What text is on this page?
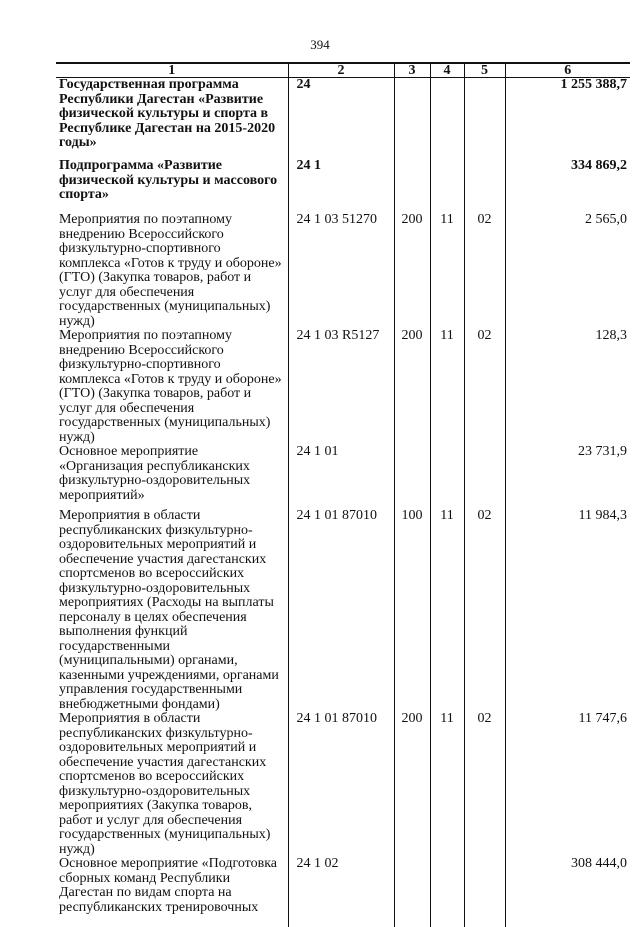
394
1	2	3	4	5	6
Государственная программа Республики Дагестан «Развитие физической культуры и спорта в Республике Дагестан на 2015-2020 годы»	24				1 255 388,7
Подпрограмма «Развитие физической культуры и массового спорта»	24 1				334 869,2
Мероприятия по поэтапному внедрению Всероссийского физкультурно-спортивного комплекса «Готов к труду и обороне» (ГТО) (Закупка товаров, работ и услуг для обеспечения государственных (муниципальных) нужд)	24 1 03 51270	200	11	02	2 565,0
Мероприятия по поэтапному внедрению Всероссийского физкультурно-спортивного комплекса «Готов к труду и обороне» (ГТО) (Закупка товаров, работ и услуг для обеспечения государственных (муниципальных) нужд)	24 1 03 R5127	200	11	02	128,3
Основное мероприятие «Организация республиканских физкультурно-оздоровительных мероприятий»	24 1 01				23 731,9
Мероприятия в области республиканских физкультурно-оздоровительных мероприятий и обеспечение участия дагестанских спортсменов во всероссийских физкультурно-оздоровительных мероприятиях (Расходы на выплаты персоналу в целях обеспечения выполнения функций государственными (муниципальными) органами, казенными учреждениями, органами управления государственными внебюджетными фондами)	24 1 01 87010	100	11	02	11 984,3
Мероприятия в области республиканских физкультурно-оздоровительных мероприятий и обеспечение участия дагестанских спортсменов во всероссийских физкультурно-оздоровительных мероприятиях (Закупка товаров, работ и услуг для обеспечения государственных (муниципальных) нужд)	24 1 01 87010	200	11	02	11 747,6
Основное мероприятие «Подготовка сборных команд Республики Дагестан по видам спорта на республиканских тренировочных	24 1 02				308 444,0
